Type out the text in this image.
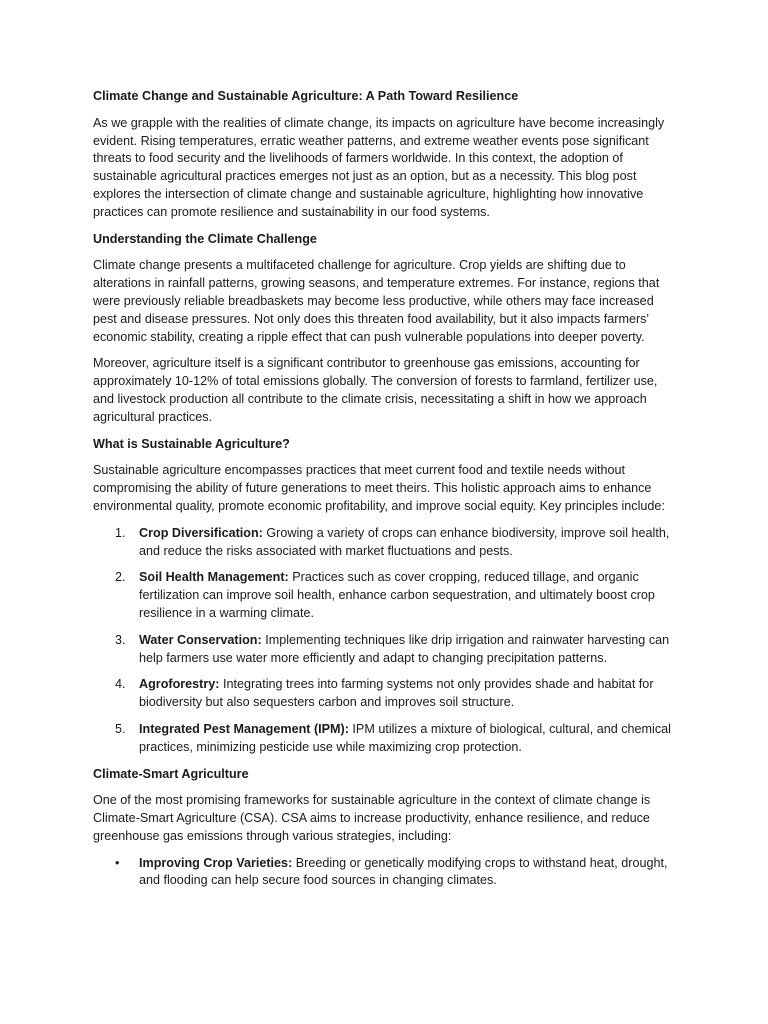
Climate Change and Sustainable Agriculture: A Path Toward Resilience

As we grapple with the realities of climate change, its impacts on agriculture have become increasingly evident. Rising temperatures, erratic weather patterns, and extreme weather events pose significant threats to food security and the livelihoods of farmers worldwide. In this context, the adoption of sustainable agricultural practices emerges not just as an option, but as a necessity. This blog post explores the intersection of climate change and sustainable agriculture, highlighting how innovative practices can promote resilience and sustainability in our food systems.

Understanding the Climate Challenge

Climate change presents a multifaceted challenge for agriculture. Crop yields are shifting due to alterations in rainfall patterns, growing seasons, and temperature extremes. For instance, regions that were previously reliable breadbaskets may become less productive, while others may face increased pest and disease pressures. Not only does this threaten food availability, but it also impacts farmers' economic stability, creating a ripple effect that can push vulnerable populations into deeper poverty.

Moreover, agriculture itself is a significant contributor to greenhouse gas emissions, accounting for approximately 10-12% of total emissions globally. The conversion of forests to farmland, fertilizer use, and livestock production all contribute to the climate crisis, necessitating a shift in how we approach agricultural practices.

What is Sustainable Agriculture?

Sustainable agriculture encompasses practices that meet current food and textile needs without compromising the ability of future generations to meet theirs. This holistic approach aims to enhance environmental quality, promote economic profitability, and improve social equity. Key principles include:

1.	Crop Diversification: Growing a variety of crops can enhance biodiversity, improve soil health, and reduce the risks associated with market fluctuations and pests.
2.	Soil Health Management: Practices such as cover cropping, reduced tillage, and organic fertilization can improve soil health, enhance carbon sequestration, and ultimately boost crop resilience in a warming climate.
3.	Water Conservation: Implementing techniques like drip irrigation and rainwater harvesting can help farmers use water more efficiently and adapt to changing precipitation patterns.
4.	Agroforestry: Integrating trees into farming systems not only provides shade and habitat for biodiversity but also sequesters carbon and improves soil structure.
5.	Integrated Pest Management (IPM): IPM utilizes a mixture of biological, cultural, and chemical practices, minimizing pesticide use while maximizing crop protection.
Climate-Smart Agriculture

One of the most promising frameworks for sustainable agriculture in the context of climate change is Climate-Smart Agriculture (CSA). CSA aims to increase productivity, enhance resilience, and reduce greenhouse gas emissions through various strategies, including:

•	Improving Crop Varieties: Breeding or genetically modifying crops to withstand heat, drought, and flooding can help secure food sources in changing climates.
